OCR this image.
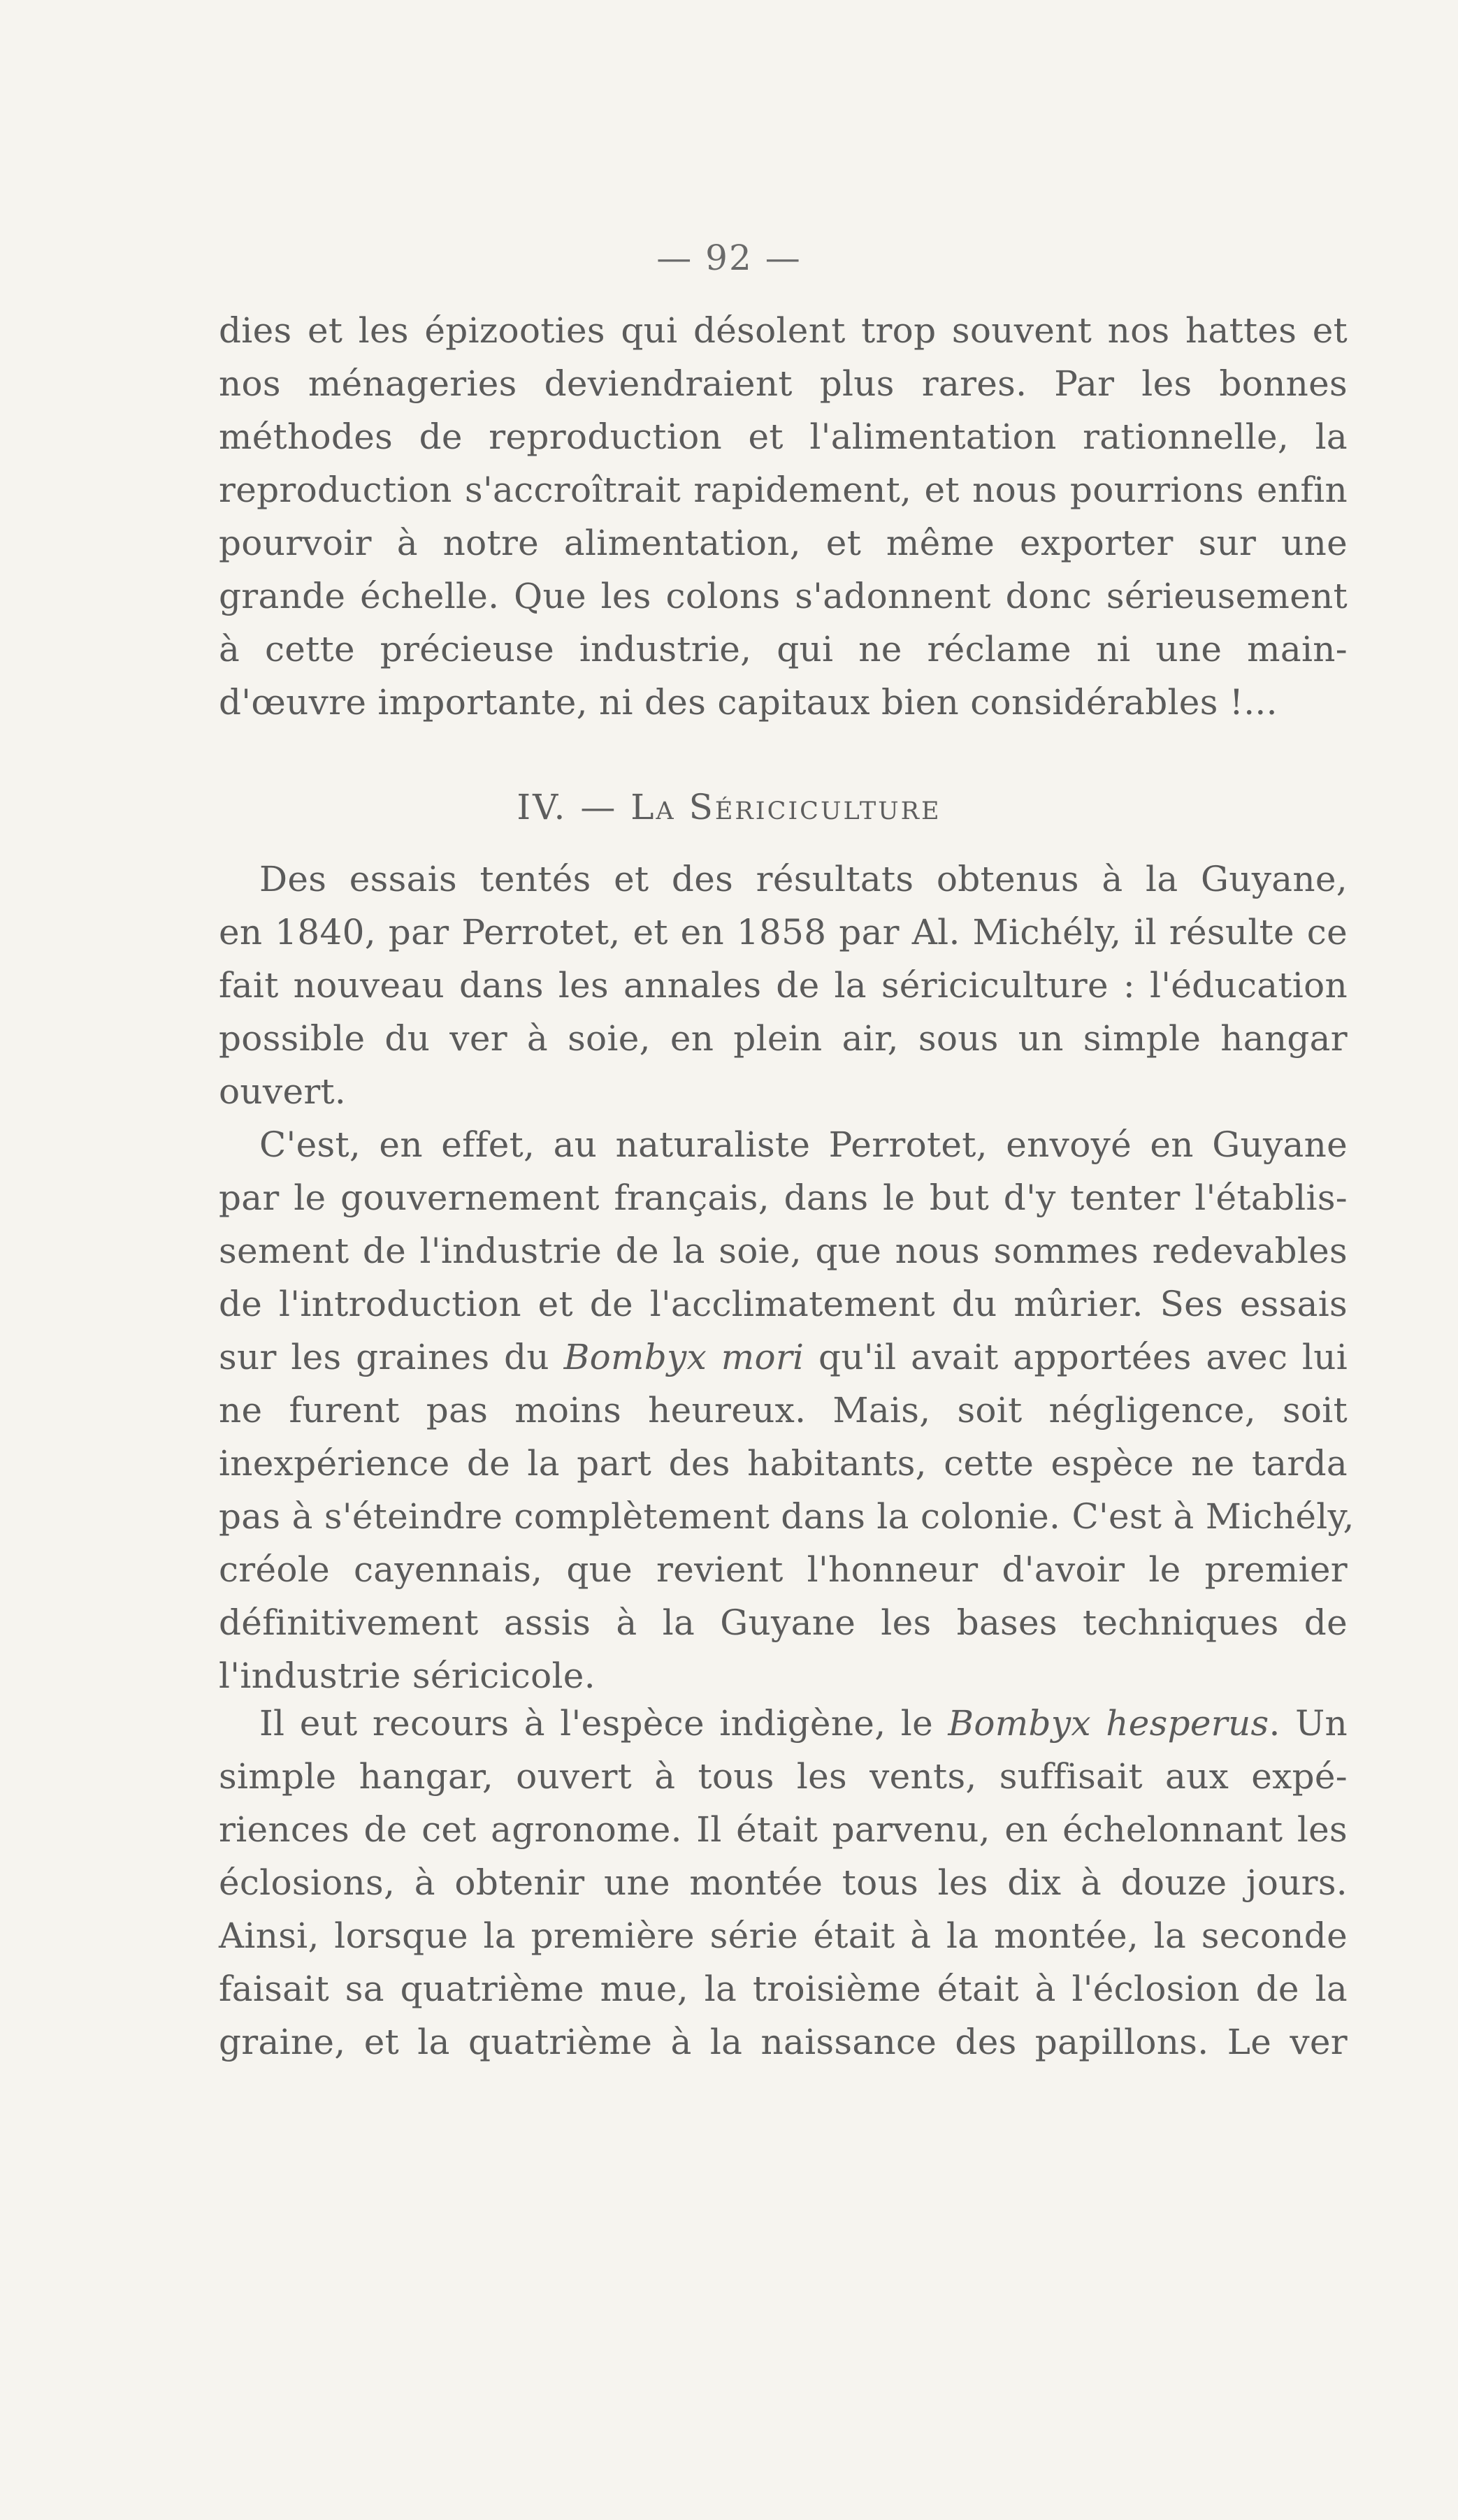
— 92 —
dies et les épizooties qui désolent trop souvent nos hattes et
nos ménageries deviendraient plus rares. Par les bonnes
méthodes de reproduction et l'alimentation rationnelle, la
reproduction s'accroîtrait rapidement, et nous pourrions enfin
pourvoir à notre alimentation, et même exporter sur une
grande échelle. Que les colons s'adonnent donc sérieusement
à cette précieuse industrie, qui ne réclame ni une main-
d'œuvre importante, ni des capitaux bien considérables !...
IV. — La Sériciculture
Des essais tentés et des résultats obtenus à la Guyane,
en 1840, par Perrotet, et en 1858 par Al. Michély, il résulte ce
fait nouveau dans les annales de la sériciculture : l'éducation
possible du ver à soie, en plein air, sous un simple hangar
ouvert.
C'est, en effet, au naturaliste Perrotet, envoyé en Guyane
par le gouvernement français, dans le but d'y tenter l'établis-
sement de l'industrie de la soie, que nous sommes redevables
de l'introduction et de l'acclimatement du mûrier. Ses essais
sur les graines du Bombyx mori qu'il avait apportées avec lui
ne furent pas moins heureux. Mais, soit négligence, soit
inexpérience de la part des habitants, cette espèce ne tarda
pas à s'éteindre complètement dans la colonie. C'est à Michély,
créole cayennais, que revient l'honneur d'avoir le premier
définitivement assis à la Guyane les bases techniques de
l'industrie séricicole.
Il eut recours à l'espèce indigène, le Bombyx hesperus. Un
simple hangar, ouvert à tous les vents, suffisait aux expé-
riences de cet agronome. Il était parvenu, en échelonnant les
éclosions, à obtenir une montée tous les dix à douze jours.
Ainsi, lorsque la première série était à la montée, la seconde
faisait sa quatrième mue, la troisième était à l'éclosion de la
graine, et la quatrième à la naissance des papillons. Le ver
